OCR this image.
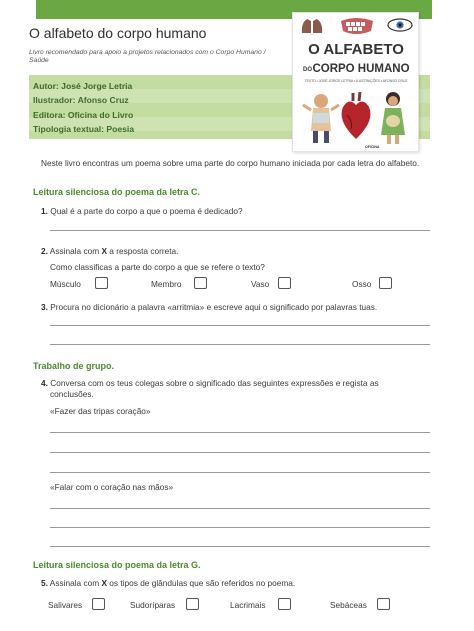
O alfabeto do corpo humano
Livro recomendado para apoio a projetos relacionados com o Corpo Humano / Saúde
Autor: José Jorge Letria
Ilustrador: Afonso Cruz
Editora: Oficina do Livro
Tipologia textual: Poesia
O ALFABETO
DO CORPO HUMANO
TEXTO • JOSÉ JORGE LETRIA • ILUSTRAÇÕES • AFONSO CRUZ
OFICINA
Neste livro encontras um poema sobre uma parte do corpo humano iniciada por cada letra do alfabeto.
Leitura silenciosa do poema da letra C.
1. Qual é a parte do corpo a que o poema é dedicado?
2. Assinala com X a resposta correta.
Como classificas a parte do corpo a que se refere o texto?
Músculo	Membro	Vaso	Osso
3. Procura no dicionário a palavra «arritmia» e escreve aqui o significado por palavras tuas.
Trabalho de grupo.
4. Conversa com os teus colegas sobre o significado das seguintes expressões e regista as
conclusões.
«Fazer das tripas coração»
«Falar com o coração nas mãos»
Leitura silenciosa do poema da letra G.
5. Assinala com X os tipos de glândulas que são referidos no poema.
Salivares	Sudoríparas	Lacrimais	Sebáceas
